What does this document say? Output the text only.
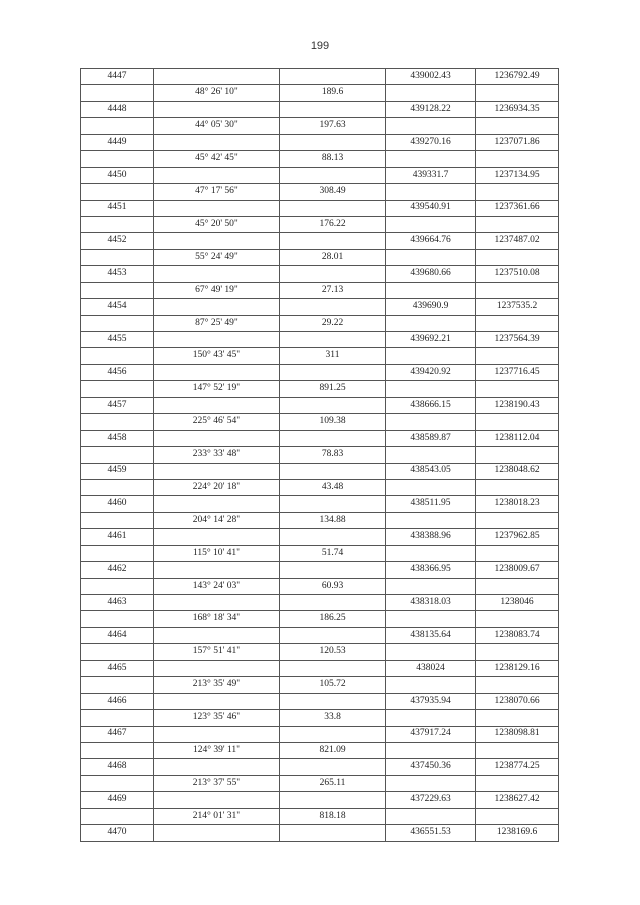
199
4447			439002.43	1236792.49
	48° 26' 10"	189.6		
4448			439128.22	1236934.35
	44° 05' 30"	197.63		
4449			439270.16	1237071.86
	45° 42' 45"	88.13		
4450			439331.7	1237134.95
	47° 17' 56"	308.49		
4451			439540.91	1237361.66
	45° 20' 50"	176.22		
4452			439664.76	1237487.02
	55° 24' 49"	28.01		
4453			439680.66	1237510.08
	67° 49' 19"	27.13		
4454			439690.9	1237535.2
	87° 25' 49"	29.22		
4455			439692.21	1237564.39
	150° 43' 45"	311		
4456			439420.92	1237716.45
	147° 52' 19"	891.25		
4457			438666.15	1238190.43
	225° 46' 54"	109.38		
4458			438589.87	1238112.04
	233° 33' 48"	78.83		
4459			438543.05	1238048.62
	224° 20' 18"	43.48		
4460			438511.95	1238018.23
	204° 14' 28"	134.88		
4461			438388.96	1237962.85
	115° 10' 41"	51.74		
4462			438366.95	1238009.67
	143° 24' 03"	60.93		
4463			438318.03	1238046
	168° 18' 34"	186.25		
4464			438135.64	1238083.74
	157° 51' 41"	120.53		
4465			438024	1238129.16
	213° 35' 49"	105.72		
4466			437935.94	1238070.66
	123° 35' 46"	33.8		
4467			437917.24	1238098.81
	124° 39' 11"	821.09		
4468			437450.36	1238774.25
	213° 37' 55"	265.11		
4469			437229.63	1238627.42
	214° 01' 31"	818.18		
4470			436551.53	1238169.6
